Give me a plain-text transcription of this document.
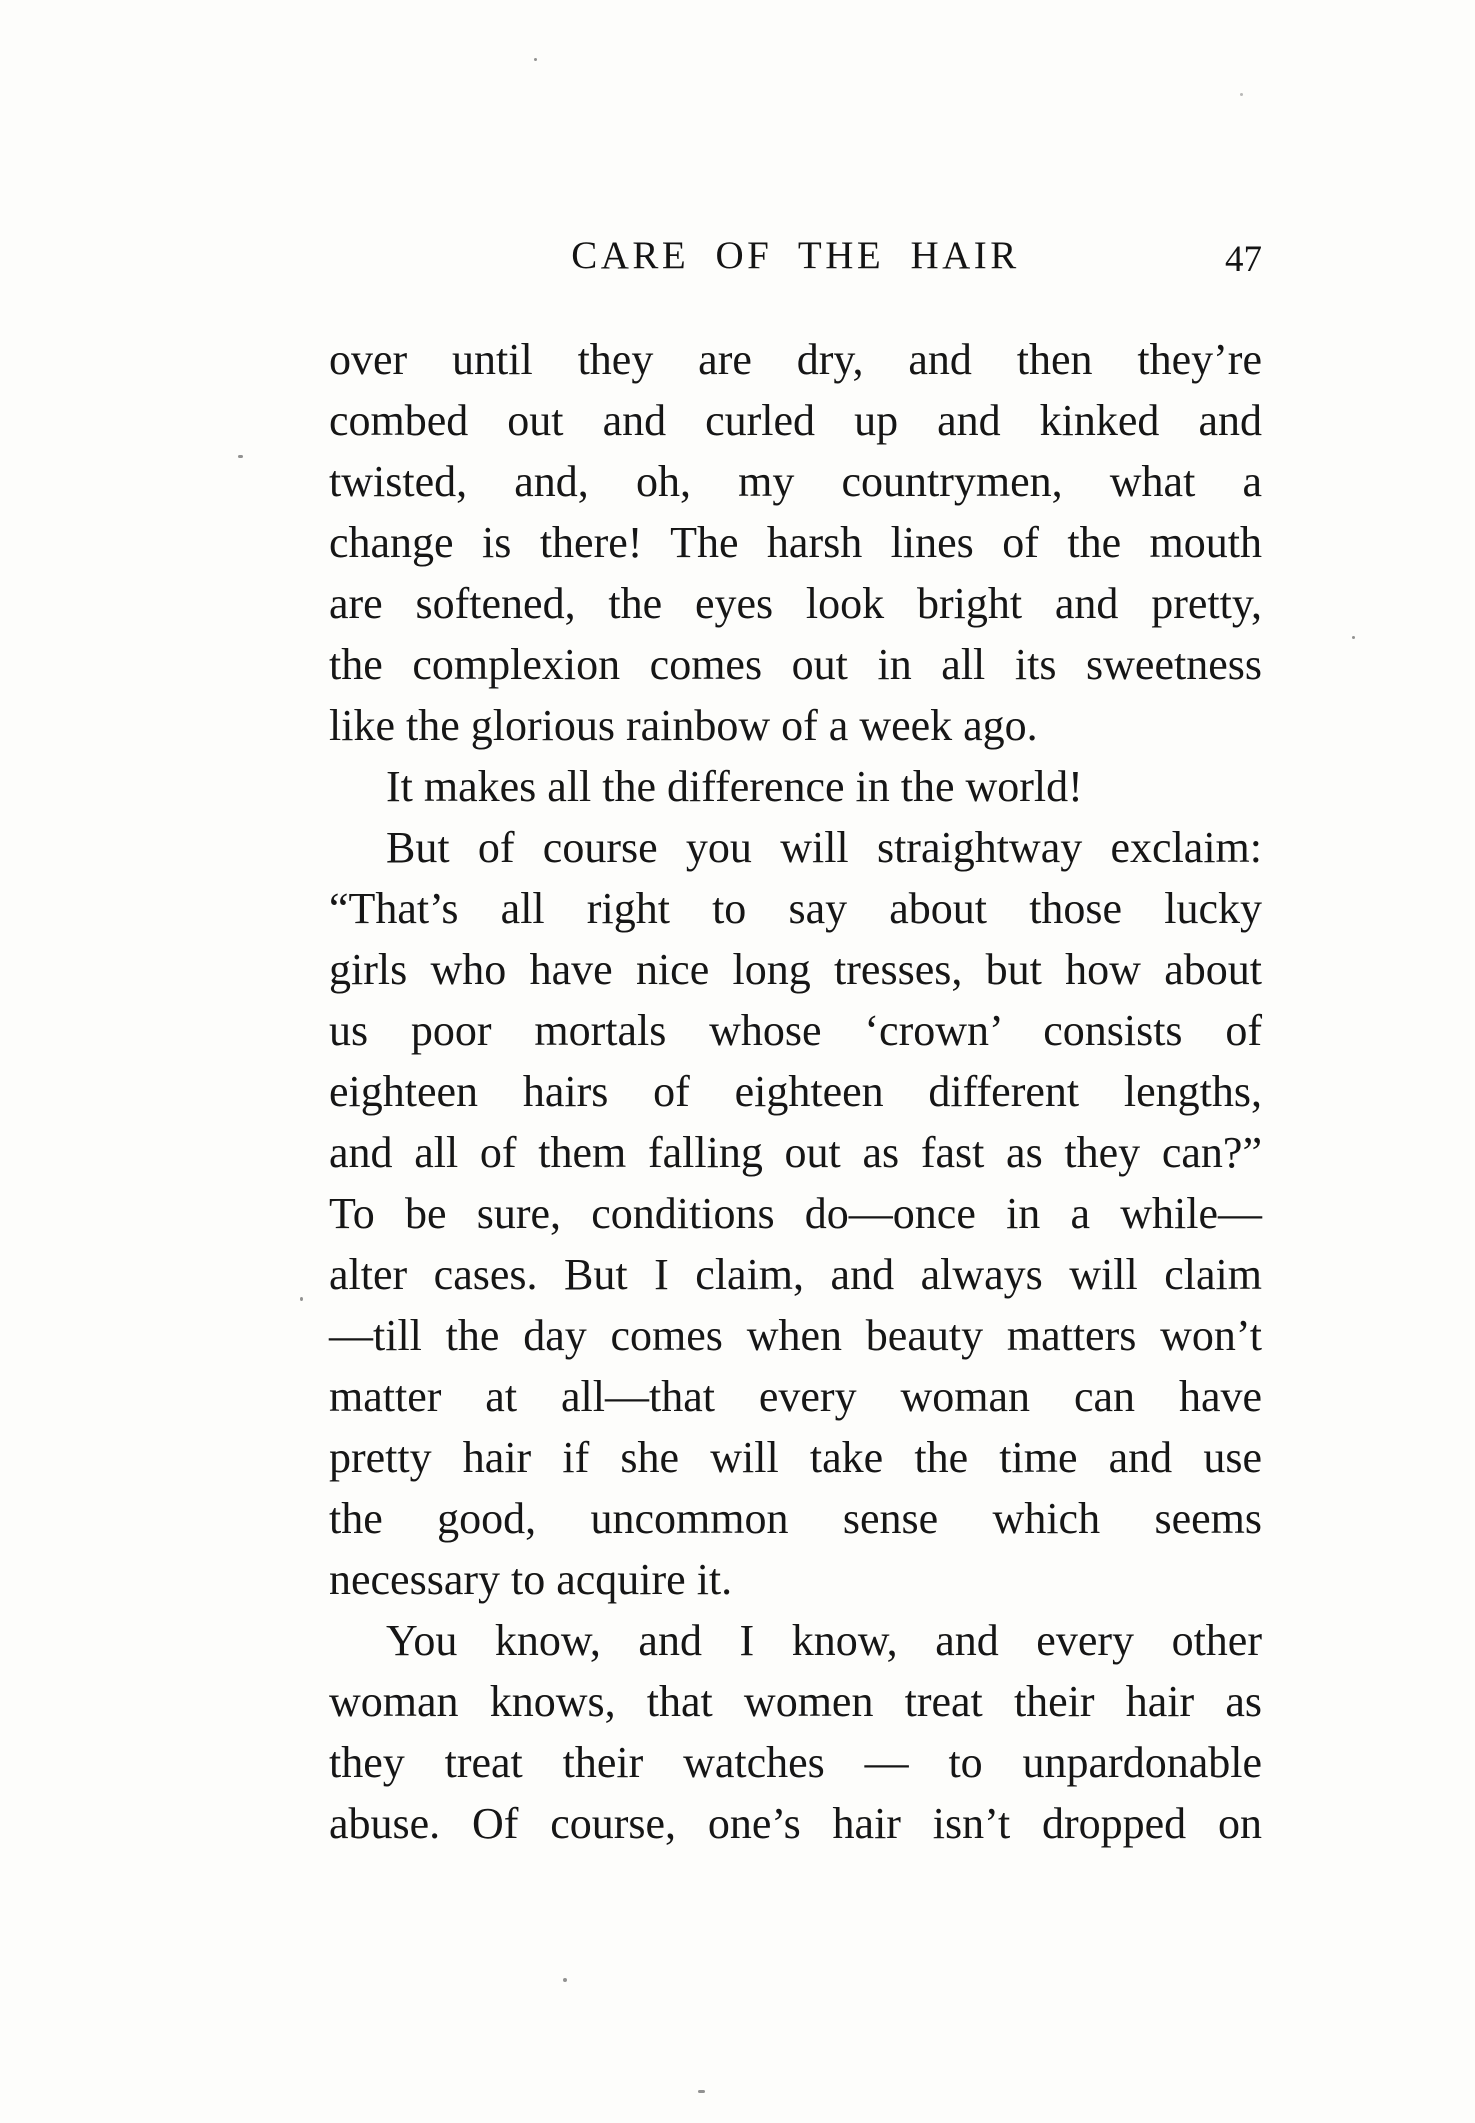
CARE OF THE HAIR	47
over until they are dry, and then they’re
combed out and curled up and kinked and
twisted, and, oh, my countrymen, what a
change is there! The harsh lines of the mouth
are softened, the eyes look bright and pretty,
the complexion comes out in all its sweetness
like the glorious rainbow of a week ago.
It makes all the difference in the world!
But of course you will straightway exclaim:
“That’s all right to say about those lucky
girls who have nice long tresses, but how about
us poor mortals whose ‘crown’ consists of
eighteen hairs of eighteen different lengths,
and all of them falling out as fast as they can?”
To be sure, conditions do—once in a while—
alter cases. But I claim, and always will claim
—till the day comes when beauty matters won’t
matter at all—that every woman can have
pretty hair if she will take the time and use
the good, uncommon sense which seems
necessary to acquire it.
You know, and I know, and every other
woman knows, that women treat their hair as
they treat their watches — to unpardonable
abuse. Of course, one’s hair isn’t dropped on
